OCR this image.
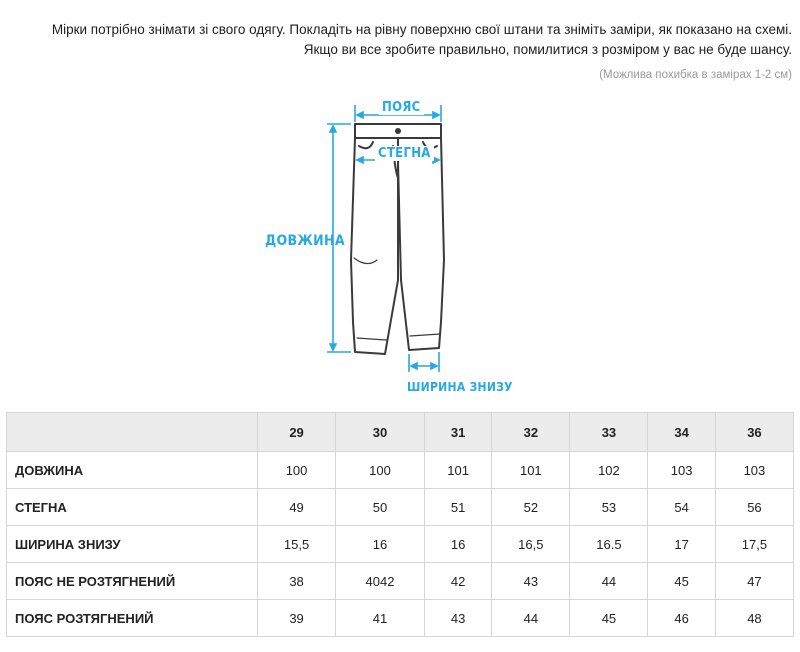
Мірки потрібно знімати зі свого одягу. Покладіть на рівну поверхню свої штани та зніміть заміри, як показано на схемі.
Якщо ви все зробите правильно, помилитися з розміром у вас не буде шансу.
(Можлива похибка в замірах 1-2 см)
ПОЯС
СТЕГНА
ДОВЖИНА
ШИРИНА ЗНИЗУ
	29	30	31	32	33	34	36
ДОВЖИНА	100	100	101	101	102	103	103
СТЕГНА	49	50	51	52	53	54	56
ШИРИНА ЗНИЗУ	15,5	16	16	16,5	16.5	17	17,5
ПОЯС НЕ РОЗТЯГНЕНИЙ	38	4042	42	43	44	45	47
ПОЯС РОЗТЯГНЕНИЙ	39	41	43	44	45	46	48
